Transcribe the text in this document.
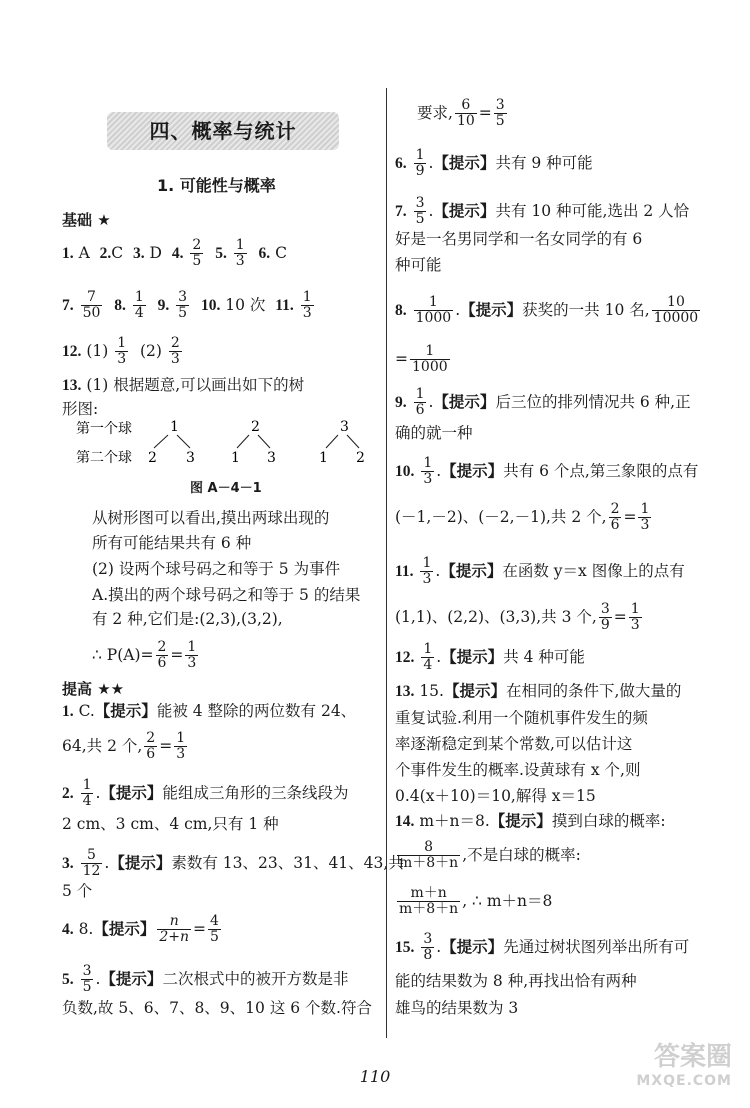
四、概率与统计
1. 可能性与概率
基础 ★
1. A 2.C 3. D 4. $\frac{2}{5} 5$. $\frac{1}{3} 6$. C
7. $\frac{7}{50} 8$. $\frac{1}{4} 9$. $\frac{3}{5} 10$. 10 次 11. $\frac{1}{3}$
12. $(1) \frac{1}{3} (2) \frac{2}{3}$
13. (1) 根据题意,可以画出如下的树
形图:
第一个球
第二个球
1
2 3
2
1 3
3
1 2
图 A－4－1
从树形图可以看出,摸出两球出现的
所有可能结果共有 6 种
(2) 设两个球号码之和等于 5 为事件
A.摸出的两个球号码之和等于 5 的结果
有 2 种,它们是:(2,3),(3,2),
∴ $P(A)= \frac{2}{6} = \frac{1}{3}$
提高 ★★
1. C.【提示】能被 4 整除的两位数有 24、
64,共 2 个, $\frac{2}{6} = \frac{1}{3}$
2. $\frac{1}{4}$ .【提示】能组成三角形的三条线段为
2 cm、3 cm、4 cm,只有 1 种
3. $\frac{5}{12}$ .【提示】素数有 13、23、31、41、43,共
5 个
4. 8.【提示】 $\frac{n}{2+n} = \frac{4}{5}$
5. $\frac{3}{5}$ .【提示】二次根式中的被开方数是非
负数,故 5、6、7、8、9、10 这 6 个数.符合
要求, $\frac{6}{10} = \frac{3}{5}$
6. $\frac{1}{9}$ .【提示】共有 9 种可能
7. $\frac{3}{5}$ .【提示】共有 10 种可能,选出 2 人恰
好是一名男同学和一名女同学的有 6
种可能
8. $\frac{1}{1000}$ .【提示】获奖的一共 10 名, $\frac{10}{10000}$
= $\frac{1}{1000}$
9. $\frac{1}{6}$ .【提示】后三位的排列情况共 6 种,正
确的就一种
10. $\frac{1}{3}$ .【提示】共有 6 个点,第三象限的点有
(－1,－2)、(－2,－1),共 2 个, $\frac{2}{6} = \frac{1}{3}$
11. $\frac{1}{3}$ .【提示】在函数 y＝x 图像上的点有
(1,1)、(2,2)、(3,3),共 3 个, $\frac{3}{9} = \frac{1}{3}$
12. $\frac{1}{4}$ .【提示】共 4 种可能
13. 15.【提示】在相同的条件下,做大量的
重复试验.利用一个随机事件发生的频
率逐渐稳定到某个常数,可以估计这
个事件发生的概率.设黄球有 x 个,则
0.4(x＋10)＝10,解得 x＝15
14. m＋n＝8.【提示】摸到白球的概率:
$\frac{8}{m+8+n}$ ,不是白球的概率:
$\frac{m+n}{m+8+n}$ , ∴ m＋n＝8
15. $\frac{3}{8}$ .【提示】先通过树状图列举出所有可
能的结果数为 8 种,再找出恰有两种
雄鸟的结果数为 3
110
答案圈
MXQE.COM
